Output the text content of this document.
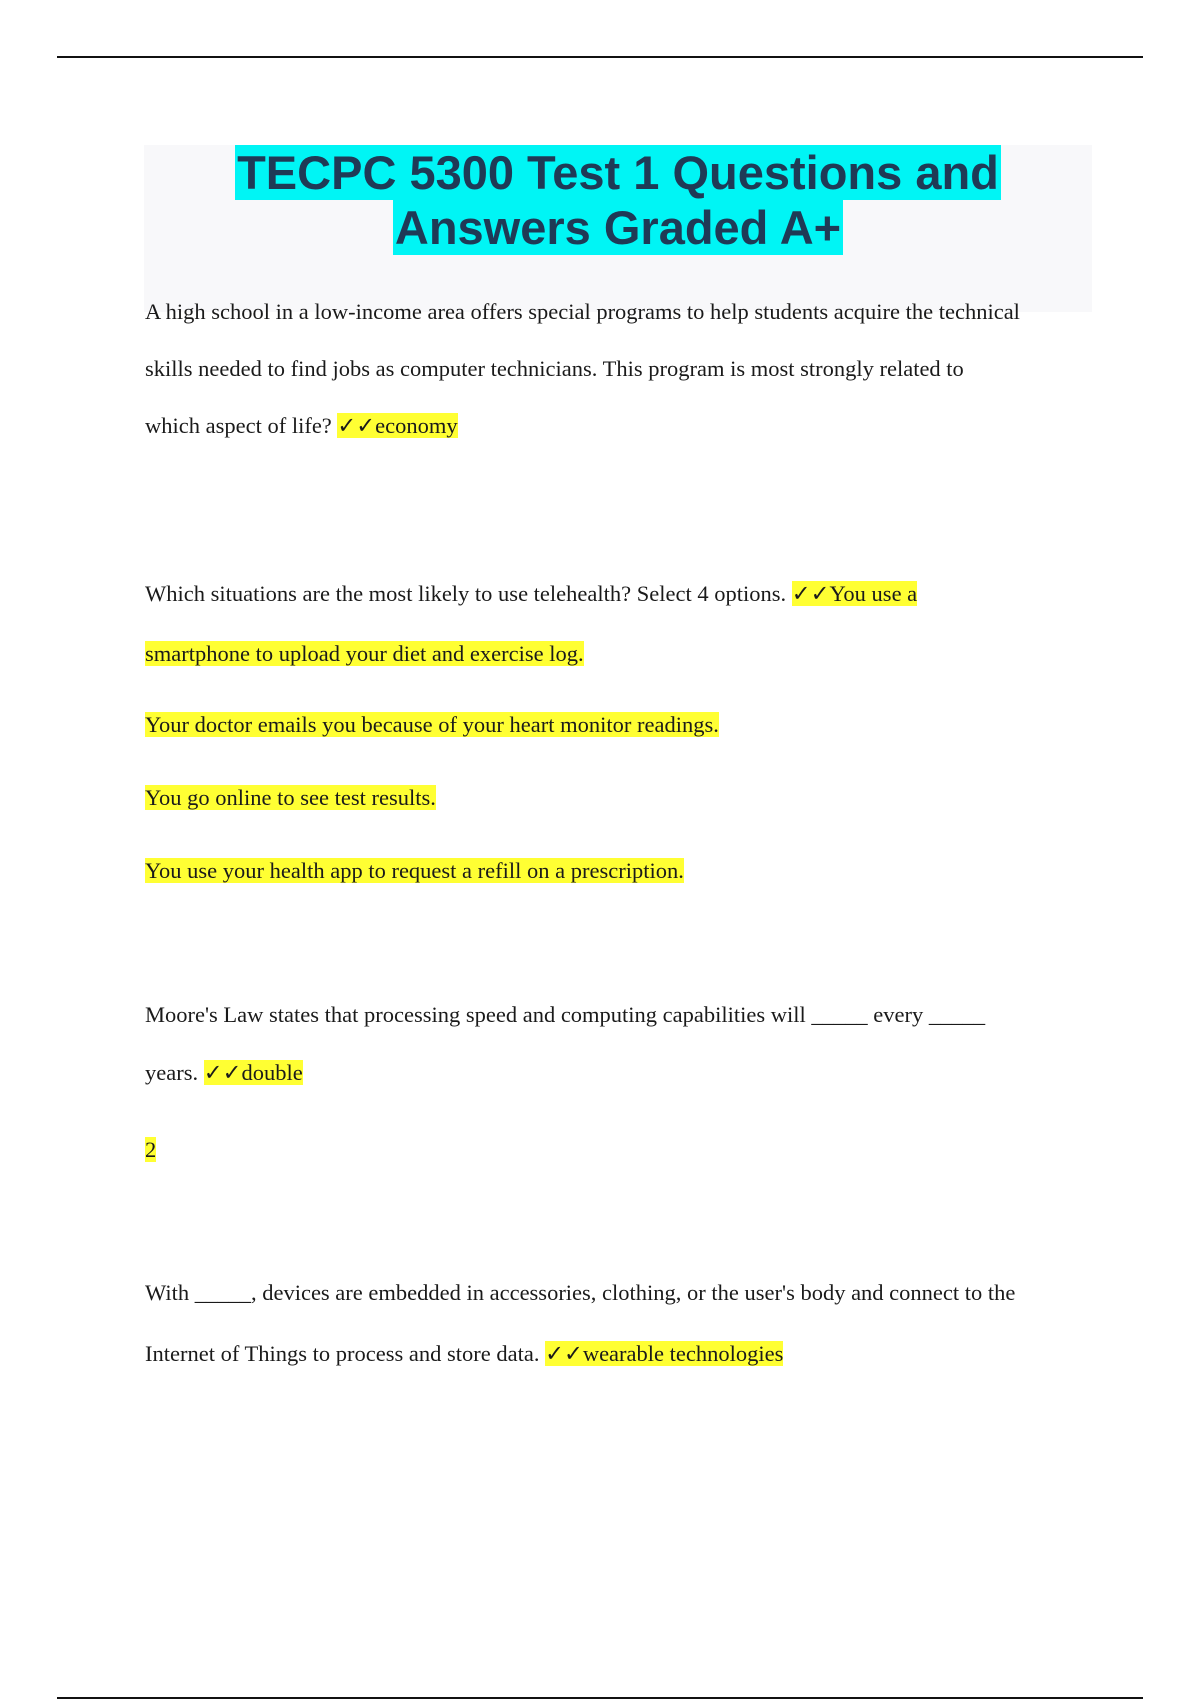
TECPC 5300 Test 1 Questions and
Answers Graded A+
A high school in a low-income area offers special programs to help students acquire the technical
skills needed to find jobs as computer technicians. This program is most strongly related to
which aspect of life? ✓✓economy
Which situations are the most likely to use telehealth? Select 4 options. ✓✓You use a
smartphone to upload your diet and exercise log.
Your doctor emails you because of your heart monitor readings.
You go online to see test results.
You use your health app to request a refill on a prescription.
Moore's Law states that processing speed and computing capabilities will _____ every _____
years. ✓✓double
2
With _____, devices are embedded in accessories, clothing, or the user's body and connect to the
Internet of Things to process and store data. ✓✓wearable technologies
